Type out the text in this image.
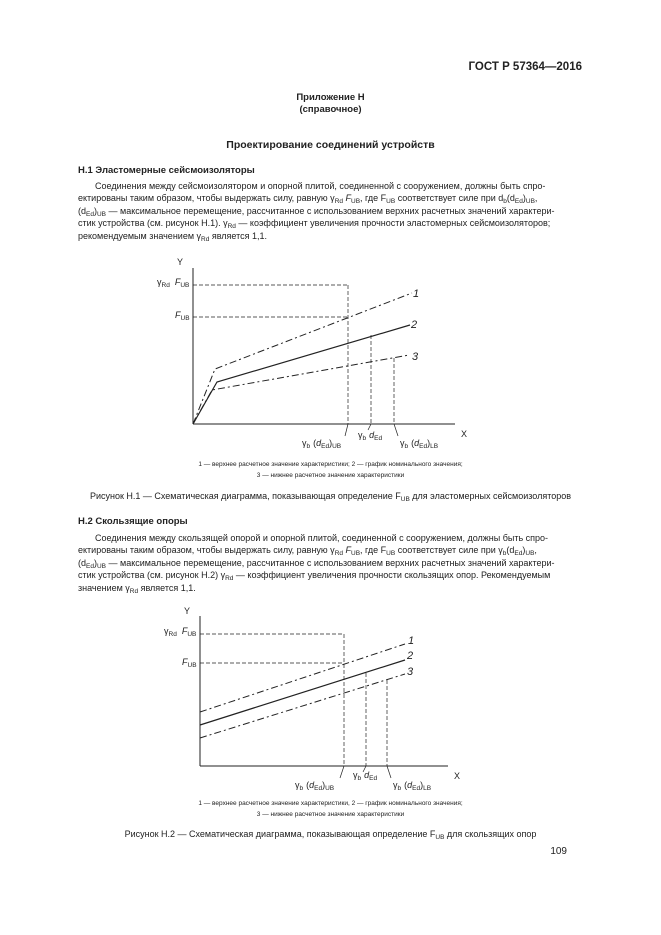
ГОСТ Р 57364—2016
Приложение Н
(справочное)
Проектирование соединений устройств
Н.1 Эластомерные сейсмоизоляторы
Соединения между сейсмоизолятором и опорной плитой, соединенной с сооружением, должны быть спро-
ектированы таким образом, чтобы выдержать силу, равную $\gamma_{Rd}$ $F_{UB}$, где $F_{UB}$ соответствует силе при $d_b(d_{Ed})_{UB}$,
$(d_{Ed})_{UB}$ — максимальное перемещение, рассчитанное с использованием верхних расчетных значений характери-
стик устройства (см. рисунок Н.1). $\gamma_{Rd}$ — коэффициент увеличения прочности эластомерных сейсмоизоляторов;
рекомендуемым значением $\gamma_{Rd}$ является 1,1.
Y
X
1
2
3
$\gamma_{Rd}$ $F_{UB}$
$F_{UB}$
$\gamma_b$ $(d_{Ed})_{UB}$
$\gamma_b$ $d_{Ed}$ $\gamma_b$ $(d_{Ed})_{LB}$
1 — верхнее расчетное значение характеристики; 2 — график номинального значения;
3 — нижнее расчетное значение характеристики
Рисунок Н.1 — Схематическая диаграмма, показывающая определение $F_{UB}$ для эластомерных сейсмоизоляторов
Н.2 Скользящие опоры
Соединения между скользящей опорой и опорной плитой, соединенной с сооружением, должны быть спро-
ектированы таким образом, чтобы выдержать силу, равную $\gamma_{Rd}$ $F_{UB}$, где $F_{UB}$ соответствует силе при $\gamma_b(d_{Ed})_{UB}$,
$(d_{Ed})_{UB}$ — максимальное перемещение, рассчитанное с использованием верхних расчетных значений характери-
стик устройства (см. рисунок Н.2) $\gamma_{Rd}$ — коэффициент увеличения прочности скользящих опор. Рекомендуемым
значением $\gamma_{Rd}$ является 1,1.
Y
X
1
2
3
$\gamma_{Rd}$ $F_{UB}$
$F_{UB}$
$\gamma_b$ $(d_{Ed})_{UB}$
$\gamma_b$ $d_{Ed}$
$\gamma_b$ $(d_{Ed})_{LB}$
1 — верхнее расчетное значение характеристики, 2 — график номинального значения;
3 — нижнее расчетное значение характеристики
Рисунок Н.2 — Схематическая диаграмма, показывающая определение $F_{UB}$ для скользящих опор
109
